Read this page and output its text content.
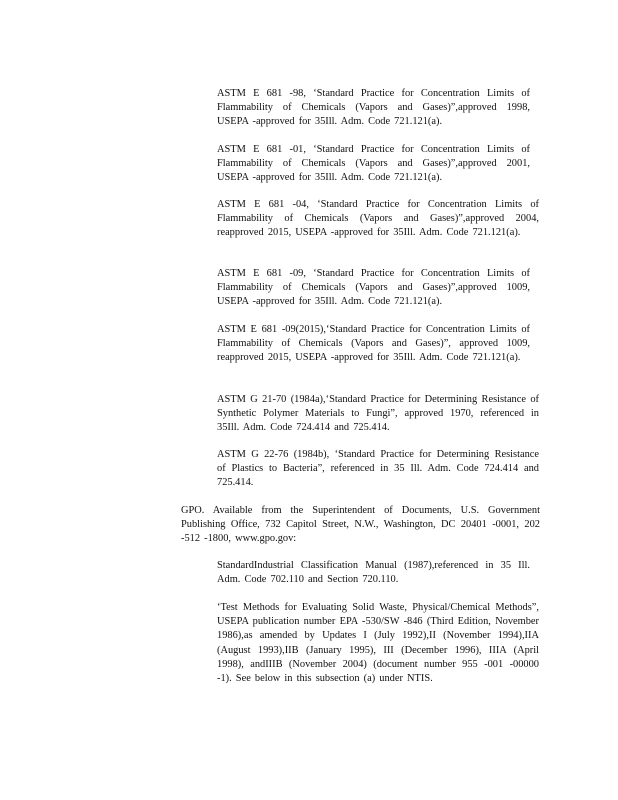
ASTM E 681 -98, ‘Standard Practice for Concentration Limits of Flammability of Chemicals (Vapors and Gases)”,approved 1998, USEPA -approved for 35Ill. Adm. Code 721.121(a).

ASTM E 681 -01, ‘Standard Practice for Concentration Limits of Flammability of Chemicals (Vapors and Gases)”,approved 2001, USEPA -approved for 35Ill. Adm. Code 721.121(a).

ASTM E 681 -04, ‘Standard Practice for Concentration Limits of Flammability of Chemicals (Vapors and Gases)”,approved 2004, reapproved 2015, USEPA -approved for 35Ill. Adm. Code 721.121(a).

ASTM E 681 -09, ‘Standard Practice for Concentration Limits of Flammability of Chemicals (Vapors and Gases)”,approved 1009, USEPA -approved for 35Ill. Adm. Code 721.121(a).

ASTM E 681 -09(2015),‘Standard Practice for Concentration Limits of Flammability of Chemicals (Vapors and Gases)”, approved 1009, reapproved 2015, USEPA -approved for 35Ill. Adm. Code 721.121(a).

ASTM G 21-70 (1984a),‘Standard Practice for Determining Resistance of Synthetic Polymer Materials to Fungi”, approved 1970, referenced in 35Ill. Adm. Code 724.414 and 725.414.

ASTM G 22-76 (1984b), ‘Standard Practice for Determining Resistance of Plastics to Bacteria”, referenced in 35 Ill. Adm. Code 724.414 and 725.414.

GPO. Available from the Superintendent of Documents, U.S. Government Publishing Office, 732 Capitol Street, N.W., Washington, DC 20401 -0001, 202 -512 -1800, www.gpo.gov:

StandardIndustrial Classification Manual (1987),referenced in 35 Ill. Adm. Code 702.110 and Section 720.110.

‘Test Methods for Evaluating Solid Waste, Physical/Chemical Methods”, USEPA publication number EPA -530/SW -846 (Third Edition, November 1986),as amended by Updates I (July 1992),II (November 1994),IIA (August 1993),IIB (January 1995), III (December 1996), IIIA (April 1998), andIIIB (November 2004) (document number 955 -001 -00000 -1). See below in this subsection (a) under NTIS.
